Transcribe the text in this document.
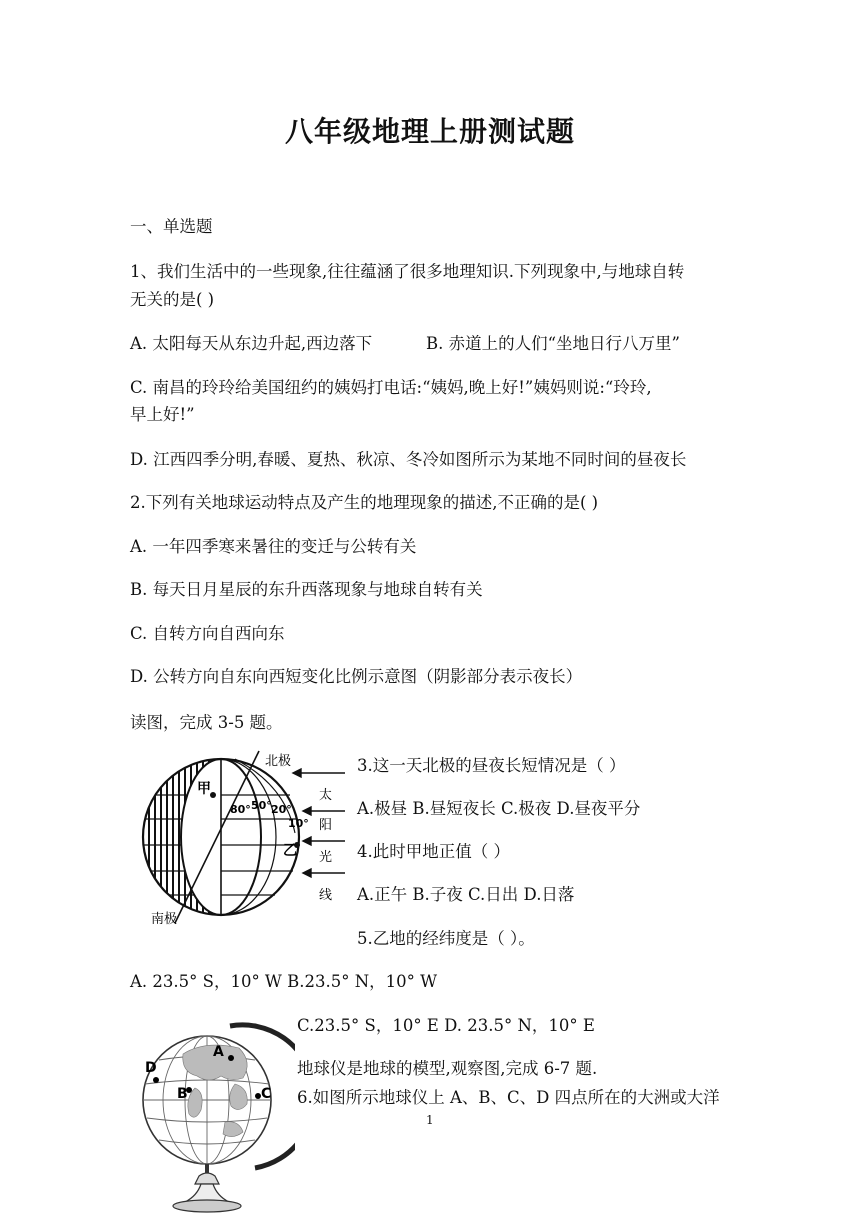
八年级地理上册测试题
一、单选题
1、我们生活中的一些现象,往往蕴涵了很多地理知识.下列现象中,与地球自转
无关的是( )
A. 太阳每天从东边升起,西边落下	B. 赤道上的人们“坐地日行八万里”
C. 南昌的玲玲给美国纽约的姨妈打电话:“姨妈,晚上好!”姨妈则说:“玲玲,
早上好!”
D. 江西四季分明,春暖、夏热、秋凉、冬冷如图所示为某地不同时间的昼夜长
2.下列有关地球运动特点及产生的地理现象的描述,不正确的是( )
A. 一年四季寒来暑往的变迁与公转有关
B. 每天日月星辰的东升西落现象与地球自转有关
C. 自转方向自西向东
D. 公转方向自东向西短变化比例示意图（阴影部分表示夜长）
读图，完成 3-5 题。
北极
南极
甲
乙
80° 50° 20°
10°
太
阳
光
线
3.这一天北极的昼夜长短情况是（ ）
A.极昼 B.昼短夜长 C.极夜 D.昼夜平分
4.此时甲地正值（ ）
A.正午 B.子夜 C.日出 D.日落
5.乙地的经纬度是（ ）。
A. 23.5° S，10° W B.23.5° N，10° W
C.23.5° S，10° E D. 23.5° N，10° E
A
B	C
D	地球仪是地球的模型,观察图,完成 6-7 题.
6.如图所示地球仪上 A、B、C、D 四点所在的大洲或大洋
1
